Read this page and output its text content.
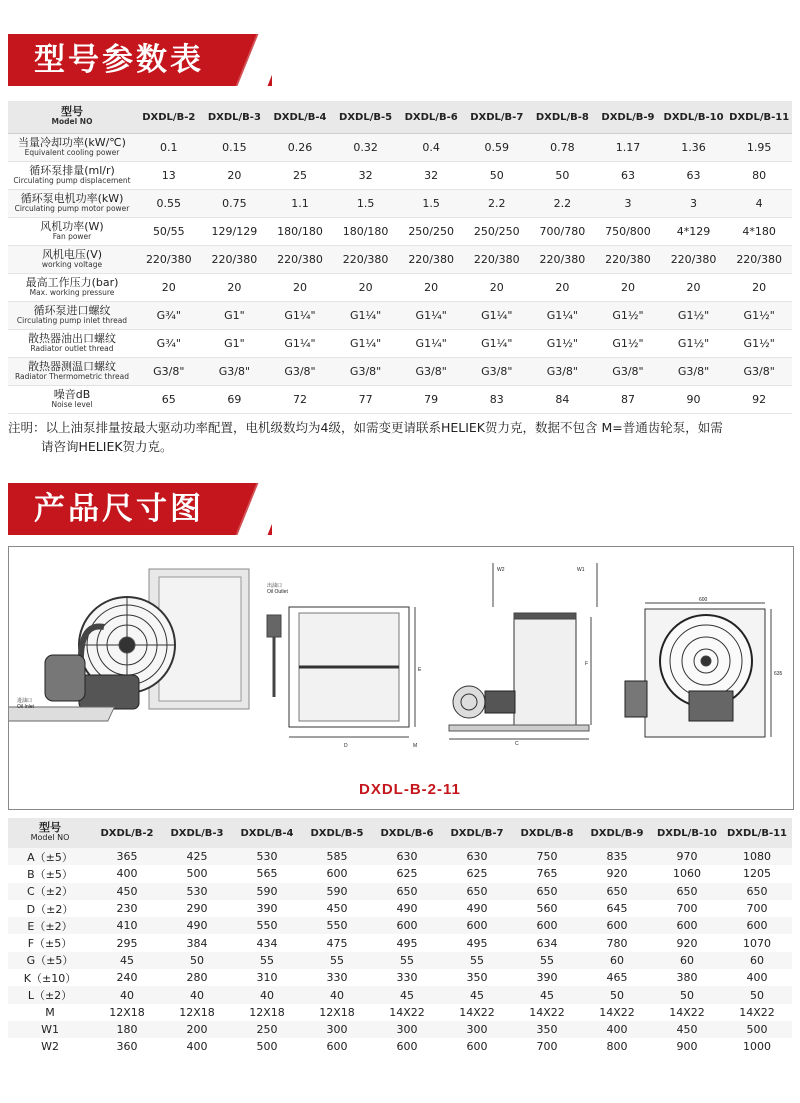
型号参数表
型号
Model NO	DXDL/B-2	DXDL/B-3	DXDL/B-4	DXDL/B-5	DXDL/B-6	DXDL/B-7	DXDL/B-8	DXDL/B-9	DXDL/B-10	DXDL/B-11

当量冷却功率(kW/℃)
Equivalent cooling power	0.1	0.15	0.26	0.32	0.4	0.59	0.78	1.17	1.36	1.95

循环泵排量(ml/r)
Circulating pump displacement	13	20	25	32	32	50	50	63	63	80

循环泵电机功率(kW)
Circulating pump motor power	0.55	0.75	1.1	1.5	1.5	2.2	2.2	3	3	4

风机功率(W)
Fan power	50/55	129/129	180/180	180/180	250/250	250/250	700/780	750/800	4*129	4*180

风机电压(V)
working voltage	220/380	220/380	220/380	220/380	220/380	220/380	220/380	220/380	220/380	220/380

最高工作压力(bar)
Max. working pressure	20	20	20	20	20	20	20	20	20	20

循环泵进口螺纹
Circulating pump inlet thread	G¾"	G1"	G1¼"	G1¼"	G1¼"	G1¼"	G1¼"	G1½"	G1½"	G1½"

散热器油出口螺纹
Radiator outlet thread	G¾"	G1"	G1¼"	G1¼"	G1¼"	G1¼"	G1½"	G1½"	G1½"	G1½"

散热器测温口螺纹
Radiator Thermometric thread	G3/8"	G3/8"	G3/8"	G3/8"	G3/8"	G3/8"	G3/8"	G3/8"	G3/8"	G3/8"

噪音dB
Noise level	65	69	72	77	79	83	84	87	90	92
注明：以上油泵排量按最大驱动功率配置，电机级数均为4级，如需变更请联系HELIEK贺力克，数据不包含 M=普通齿轮泵，如需
请咨询HELIEK贺力克。
产品尺寸图
出油口
Oil Outlet
进油口
Oil Inlet
D	M
E
W2	W1
F
C
600
635
DXDL-B-2-11
型号
Model NO	DXDL/B-2	DXDL/B-3	DXDL/B-4	DXDL/B-5	DXDL/B-6	DXDL/B-7	DXDL/B-8	DXDL/B-9	DXDL/B-10	DXDL/B-11
A（±5）	365	425	530	585	630	630	750	835	970	1080
B（±5）	400	500	565	600	625	625	765	920	1060	1205
C（±2）	450	530	590	590	650	650	650	650	650	650
D（±2）	230	290	390	450	490	490	560	645	700	700
E（±2）	410	490	550	550	600	600	600	600	600	600
F（±5）	295	384	434	475	495	495	634	780	920	1070
G（±5）	45	50	55	55	55	55	55	60	60	60
K（±10）	240	280	310	330	330	350	390	465	380	400
L（±2）	40	40	40	40	45	45	45	50	50	50
M	12X18	12X18	12X18	12X18	14X22	14X22	14X22	14X22	14X22	14X22
W1	180	200	250	300	300	300	350	400	450	500
W2	360	400	500	600	600	600	700	800	900	1000
